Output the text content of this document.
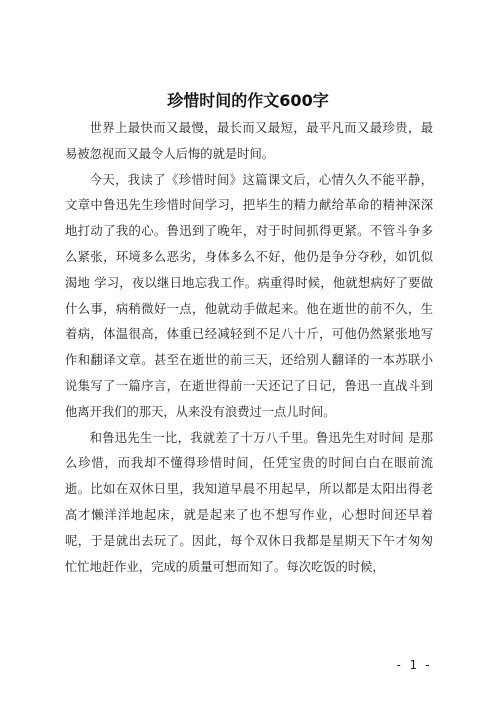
珍惜时间的作文600字

世界上最快而又最慢，最长而又最短，最平凡而又最珍贵，最易被忽视而又最令人后悔的就是时间。

今天，我读了《珍惜时间》这篇课文后，心情久久不能平静，文章中鲁迅先生珍惜时间学习，把毕生的精力献给革命的精神深深地打动了我的心。鲁迅到了晚年，对于时间抓得更紧。不管斗争多么紧张，环境多么恶劣，身体多么不好，他仍是争分夺秒，如饥似渴地 学习，夜以继日地忘我工作。病重得时候，他就想病好了要做什么事，病稍微好一点，他就动手做起来。他在逝世的前不久，生着病，体温很高，体重已经减轻到不足八十斤，可他仍然紧张地写作和翻译文章。甚至在逝世的前三天，还给别人翻译的一本苏联小说集写了一篇序言，在逝世得前一天还记了日记，鲁迅一直战斗到他离开我们的那天，从来没有浪费过一点儿时间。

和鲁迅先生一比，我就差了十万八千里。鲁迅先生对时间 是那么珍惜，而我却不懂得珍惜时间，任凭宝贵的时间白白在眼前流逝。比如在双休日里，我知道早晨不用起早，所以都是太阳出得老高才懒洋洋地起床，就是起来了也不想写作业，心想时间还早着呢，于是就出去玩了。因此，每个双休日我都是星期天下午才匆匆忙忙地赶作业，完成的质量可想而知了。每次吃饭的时候，

- 1 -
